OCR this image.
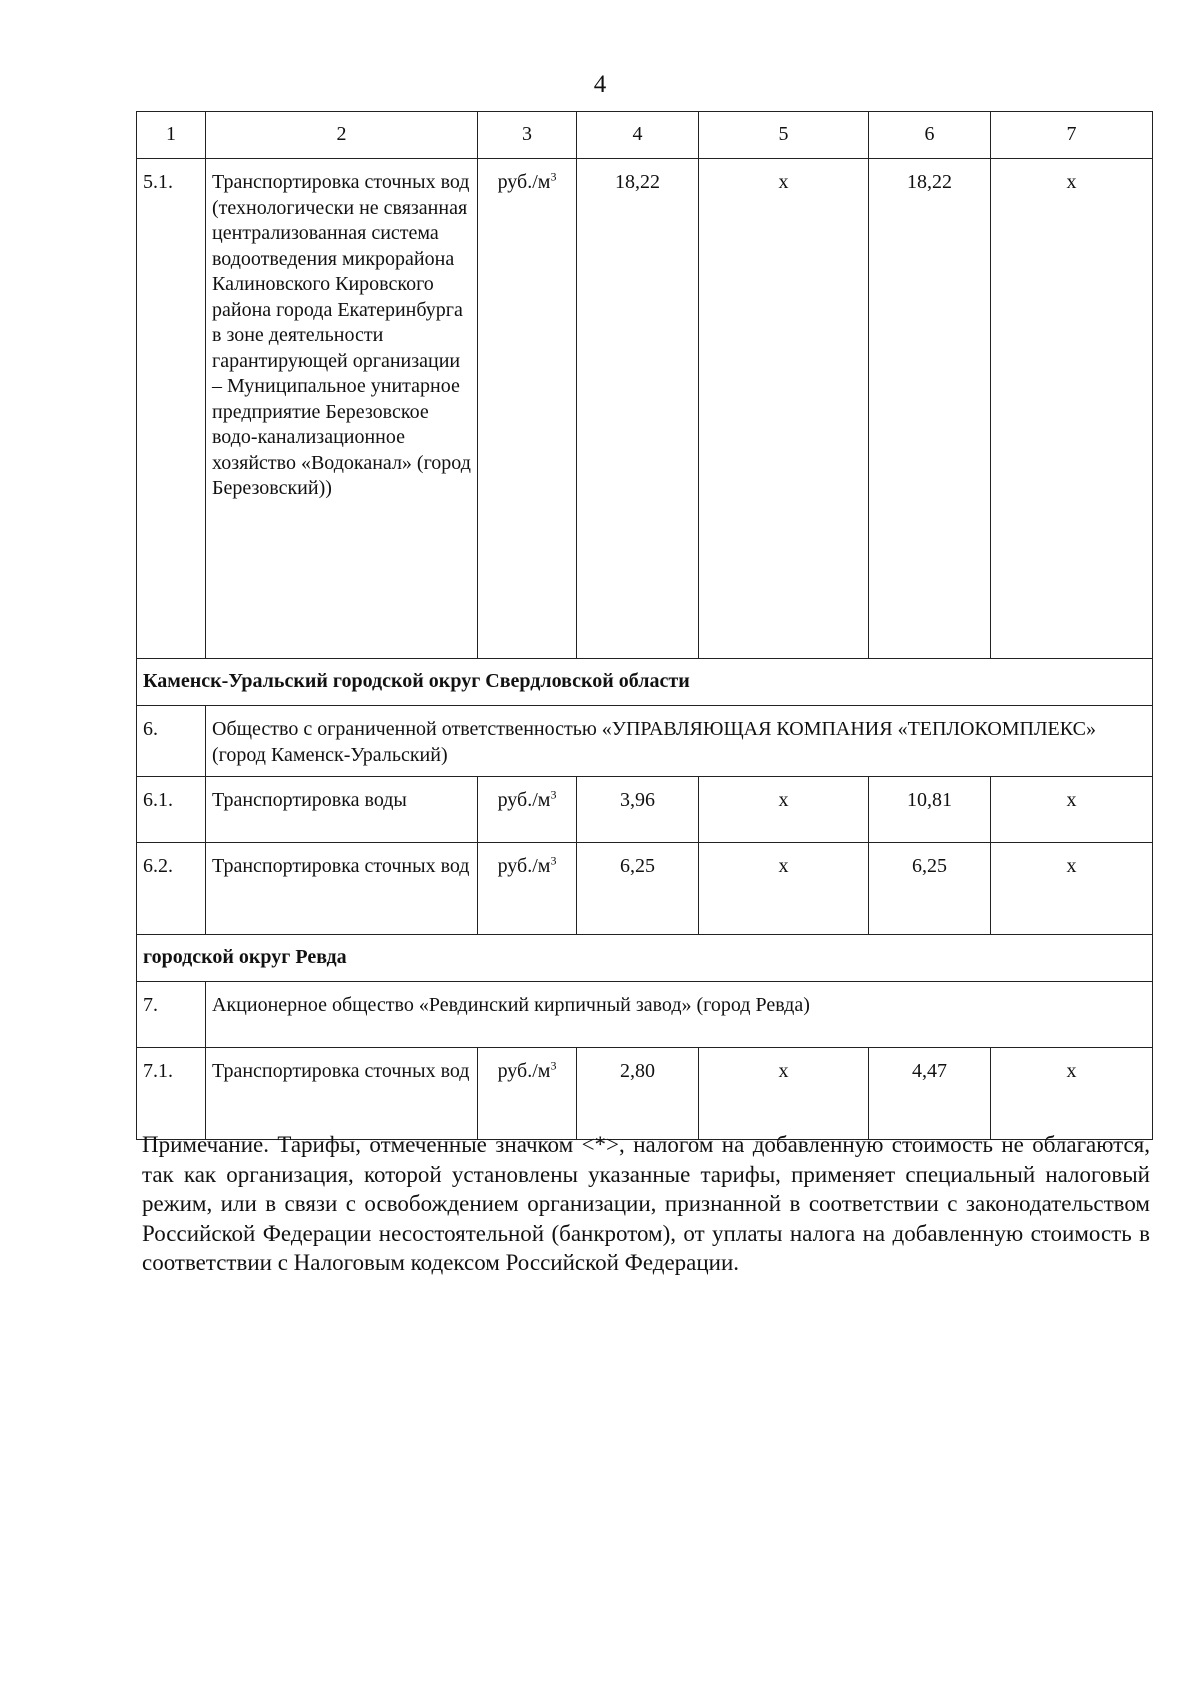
4
1	2	3	4	5	6	7
5.1.	Транспортировка сточных вод (технологически не связанная централизованная система водоотведения микрорайона Калиновского Кировского района города Екатеринбурга в зоне деятельности гарантирующей организации – Муниципальное унитарное предприятие Березовское водо-канализационное хозяйство «Водоканал» (город Березовский))	$руб./м^3$	18,22	х	18,22	х
Каменск-Уральский городской округ Свердловской области						
6.	Общество с ограниченной ответственностью «УПРАВЛЯЮЩАЯ КОМПАНИЯ «ТЕПЛОКОМПЛЕКС» (город Каменск-Уральский)					
6.1.	Транспортировка воды	$руб./м^3$	3,96	х	10,81	х
6.2.	Транспортировка сточных вод	$руб./м^3$	6,25	х	6,25	х
городской округ Ревда						
7.	Акционерное общество «Ревдинский кирпичный завод» (город Ревда)					
7.1.	Транспортировка сточных вод	$руб./м^3$	2,80	х	4,47	х

Примечание. Тарифы, отмеченные значком <*>, налогом на добавленную стоимость не облагаются, так как организация, которой установлены указанные тарифы, применяет специальный налоговый режим, или в связи с освобождением организации, признанной в соответствии с законодательством Российской Федерации несостоятельной (банкротом), от уплаты налога на добавленную стоимость в соответствии с Налоговым кодексом Российской Федерации.
